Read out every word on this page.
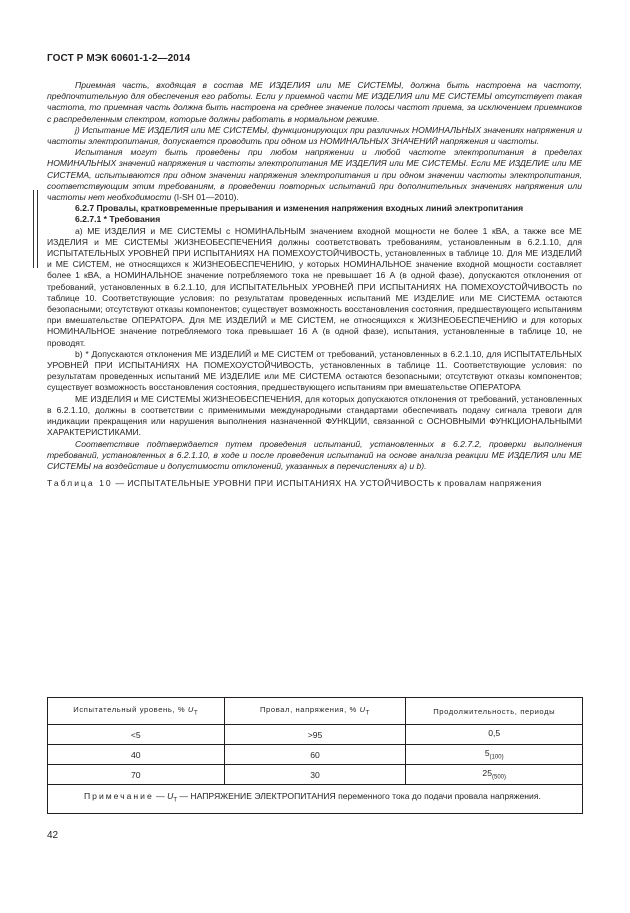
ГОСТ Р МЭК 60601-1-2—2014

Приемная часть, входящая в состав МЕ ИЗДЕЛИЯ или МЕ СИСТЕМЫ, должна быть настроена на частоту, предпочтительную для обеспечения его работы. Если у приемной части МЕ ИЗДЕЛИЯ или МЕ СИСТЕМЫ отсутствует такая частота, то приемная часть должна быть настроена на среднее значение полосы частот приема, за исключением приемников с распределенным спектром, которые должны работать в нормальном режиме.

j) Испытание МЕ ИЗДЕЛИЯ или МЕ СИСТЕМЫ, функционирующих при различных НОМИНАЛЬНЫХ значениях напряжения и частоты электропитания, допускается проводить при одном из НОМИНАЛЬНЫХ ЗНАЧЕНИЙ напряжения и частоты.

Испытания могут быть проведены при любом напряжении и любой частоте электропитания в пределах НОМИНАЛЬНЫХ значений напряжения и частоты электропитания МЕ ИЗДЕЛИЯ или МЕ СИСТЕМЫ. Если МЕ ИЗДЕЛИЕ или МЕ СИСТЕМА, испытываются при одном значении напряжения электропитания и при одном значении частоты электропитания, соответствующим этим требованиям, в проведении повторных испытаний при дополнительных значениях напряжения или частоты нет необходимости (I-SH 01—2010).

6.2.7 Провалы, кратковременные прерывания и изменения напряжения входных линий электропитания

6.2.7.1 * Требования

а) МЕ ИЗДЕЛИЯ и МЕ СИСТЕМЫ с НОМИНАЛЬНЫМ значением входной мощности не более 1 кВА, а также все МЕ ИЗДЕЛИЯ и МЕ СИСТЕМЫ ЖИЗНЕОБЕСПЕЧЕНИЯ должны соответствовать требованиям, установленным в 6.2.1.10, для ИСПЫТАТЕЛЬНЫХ УРОВНЕЙ ПРИ ИСПЫТАНИЯХ НА ПОМЕХОУСТОЙЧИВОСТЬ, установленных в таблице 10. Для МЕ ИЗДЕЛИЙ и МЕ СИСТЕМ, не относящихся к ЖИЗНЕОБЕСПЕЧЕНИЮ, у которых НОМИНАЛЬНОЕ значение входной мощности составляет более 1 кВА, а НОМИНАЛЬНОЕ значение потребляемого тока не превышает 16 А (в одной фазе), допускаются отклонения от требований, установленных в 6.2.1.10, для ИСПЫТАТЕЛЬНЫХ УРОВНЕЙ ПРИ ИСПЫТАНИЯХ НА ПОМЕХОУСТОЙЧИВОСТЬ по таблице 10. Соответствующие условия: по результатам проведенных испытаний МЕ ИЗДЕЛИЕ или МЕ СИСТЕМА остаются безопасными; отсутствуют отказы компонентов; существует возможность восстановления состояния, предшествующего испытаниям при вмешательстве ОПЕРАТОРА. Для МЕ ИЗДЕЛИЙ и МЕ СИСТЕМ, не относящихся к ЖИЗНЕОБЕСПЕЧЕНИЮ и для которых НОМИНАЛЬНОЕ значение потребляемого тока превышает 16 А (в одной фазе), испытания, установленные в таблице 10, не проводят.

b) * Допускаются отклонения МЕ ИЗДЕЛИЙ и МЕ СИСТЕМ от требований, установленных в 6.2.1.10, для ИСПЫТАТЕЛЬНЫХ УРОВНЕЙ ПРИ ИСПЫТАНИЯХ НА ПОМЕХОУСТОЙЧИВОСТЬ, установленных в таблице 11. Соответствующие условия: по результатам проведенных испытаний МЕ ИЗДЕЛИЕ или МЕ СИСТЕМА остаются безопасными; отсутствуют отказы компонентов; существует возможность восстановления состояния, предшествующего испытаниям при вмешательстве ОПЕРАТОРА

МЕ ИЗДЕЛИЯ и МЕ СИСТЕМЫ ЖИЗНЕОБЕСПЕЧЕНИЯ, для которых допускаются отклонения от требований, установленных в 6.2.1.10, должны в соответствии с применимыми международными стандартами обеспечивать подачу сигнала тревоги для индикации прекращения или нарушения выполнения назначенной ФУНКЦИИ, связанной с ОСНОВНЫМИ ФУНКЦИОНАЛЬНЫМИ ХАРАКТЕРИСТИКАМИ.

Соответствие подтверждается путем проведения испытаний, установленных в 6.2.7.2, проверки выполнения требований, установленных в 6.2.1.10, в ходе и после проведения испытаний на основе анализа реакции МЕ ИЗДЕЛИЯ или МЕ СИСТЕМЫ на воздействие и допустимости отклонений, указанных в перечислениях а) и b).

Таблица 10 — ИСПЫТАТЕЛЬНЫЕ УРОВНИ ПРИ ИСПЫТАНИЯХ НА УСТОЙЧИВОСТЬ к провалам напряжения

Испытательный уровень, % $U_T$	Провал, напряжения, % $U_T$	Продолжительность, периоды
<5	>95	0,5
40	60	$5_{(100)}$
70	30	$25_{(500)}$
Примечание — $U_T$ — НАПРЯЖЕНИЕ ЭЛЕКТРОПИТАНИЯ переменного тока до подачи провала напряжения.		
42
